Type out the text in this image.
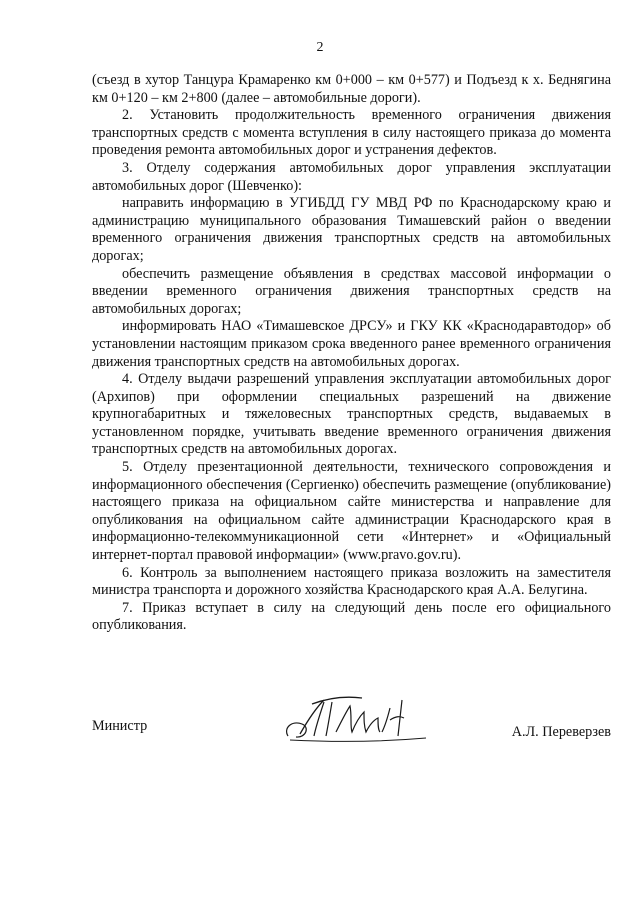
2

(съезд в хутор Танцура Крамаренко км 0+000 – км 0+577) и Подъезд к х. Беднягина км 0+120 – км 2+800 (далее – автомобильные дороги).

2. Установить продолжительность временного ограничения движения транспортных средств с момента вступления в силу настоящего приказа до момента проведения ремонта автомобильных дорог и устранения дефектов.

3. Отделу содержания автомобильных дорог управления эксплуатации автомобильных дорог (Шевченко):

направить информацию в УГИБДД ГУ МВД РФ по Краснодарскому краю и администрацию муниципального образования Тимашевский район о введении временного ограничения движения транспортных средств на автомобильных дорогах;

обеспечить размещение объявления в средствах массовой информации о введении временного ограничения движения транспортных средств на автомобильных дорогах;

информировать НАО «Тимашевское ДРСУ» и ГКУ КК «Краснодаравтодор» об установлении настоящим приказом срока введенного ранее временного ограничения движения транспортных средств на автомобильных дорогах.

4. Отделу выдачи разрешений управления эксплуатации автомобильных дорог (Архипов) при оформлении специальных разрешений на движение крупногабаритных и тяжеловесных транспортных средств, выдаваемых в установленном порядке, учитывать введение временного ограничения движения транспортных средств на автомобильных дорогах.

5. Отделу презентационной деятельности, технического сопровождения и информационного обеспечения (Сергиенко) обеспечить размещение (опубликование) настоящего приказа на официальном сайте министерства и направление для опубликования на официальном сайте администрации Краснодарского края в информационно-телекоммуникационной сети «Интернет» и «Официальный интернет-портал правовой информации» (www.pravo.gov.ru).

6. Контроль за выполнением настоящего приказа возложить на заместителя министра транспорта и дорожного хозяйства Краснодарского края А.А. Белугина.

7. Приказ вступает в силу на следующий день после его официального опубликования.

Министр	А.Л. Переверзев
